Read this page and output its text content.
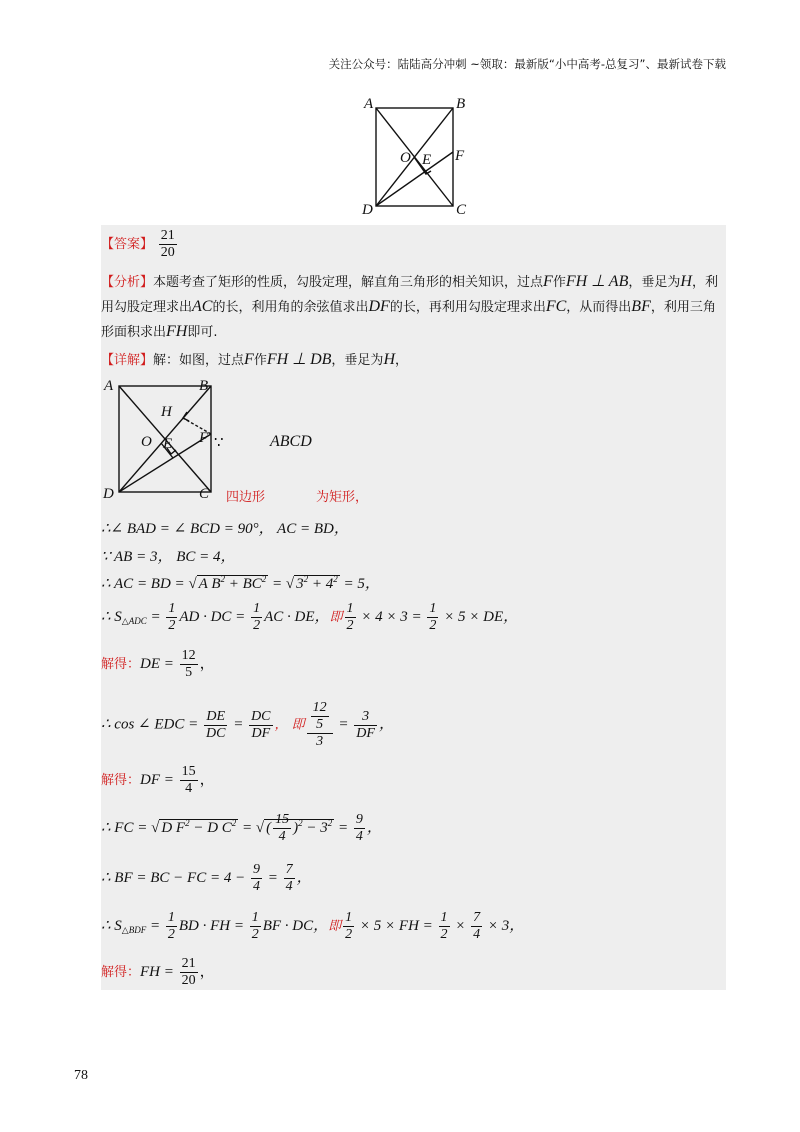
关注公众号：陆陆高分冲刺 ~领取：最新版“小中高考-总复习”、最新试卷下载
A	B
C
D
O E F
【答案】 $\frac{21}{20}$
【分析】本题考查了矩形的性质，勾股定理，解直角三角形的相关知识，过点F作FH ⊥ AB，垂足为H，利用勾股定理求出AC的长，利用角的余弦值求出DF的长，再利用勾股定理求出FC，从而得出BF，利用三角形面积求出FH即可.
【详解】解：如图，过点F作FH ⊥ DB，垂足为H，
A	B
C
D
O E F
H
∵	ABCD
四边形	为矩形，
∴∠ BAD = ∠ BCD = 90°， AC = BD，
∵ AB = 3， BC = 4，
∴ AC = BD = √ A $B^2 + BC^2$ = √ $3^2 + 4^2 = 5$，
∴ $S_{\triangle ADC} = \frac{1}{2}$ AD · DC = $\frac{1}{2}$ AC · DE，即 $\frac{1}{2} \times 4 \times 3 = \frac{1}{2} \times 5$ × DE，
解得：DE = $\frac{12}{5}$ ，
∴ cos ∠ EDC = $\frac{DE}{DC} = \frac{DC}{DF}$ ， 即 12
5
$3 = \frac{3}{DF}$ ，
解得：DF = $\frac{15}{4}$ ，
∴ FC = √ D $F^2 - D$ $C^2$ = √ ( $\frac{15}{4} )^2 - 3^2 = \frac{9}{4}$ ，
∴ BF = BC − FC = $4 - \frac{9}{4} = \frac{7}{4}$ ，
∴ $S_{\triangle BDF} = \frac{1}{2}$ BD · FH = $\frac{1}{2}$ BF · DC，即 $\frac{1}{2} \times 5$ × FH = $\frac{1}{2} \times \frac{7}{4} \times 3$，
解得：FH = $\frac{21}{20}$ ，
78
